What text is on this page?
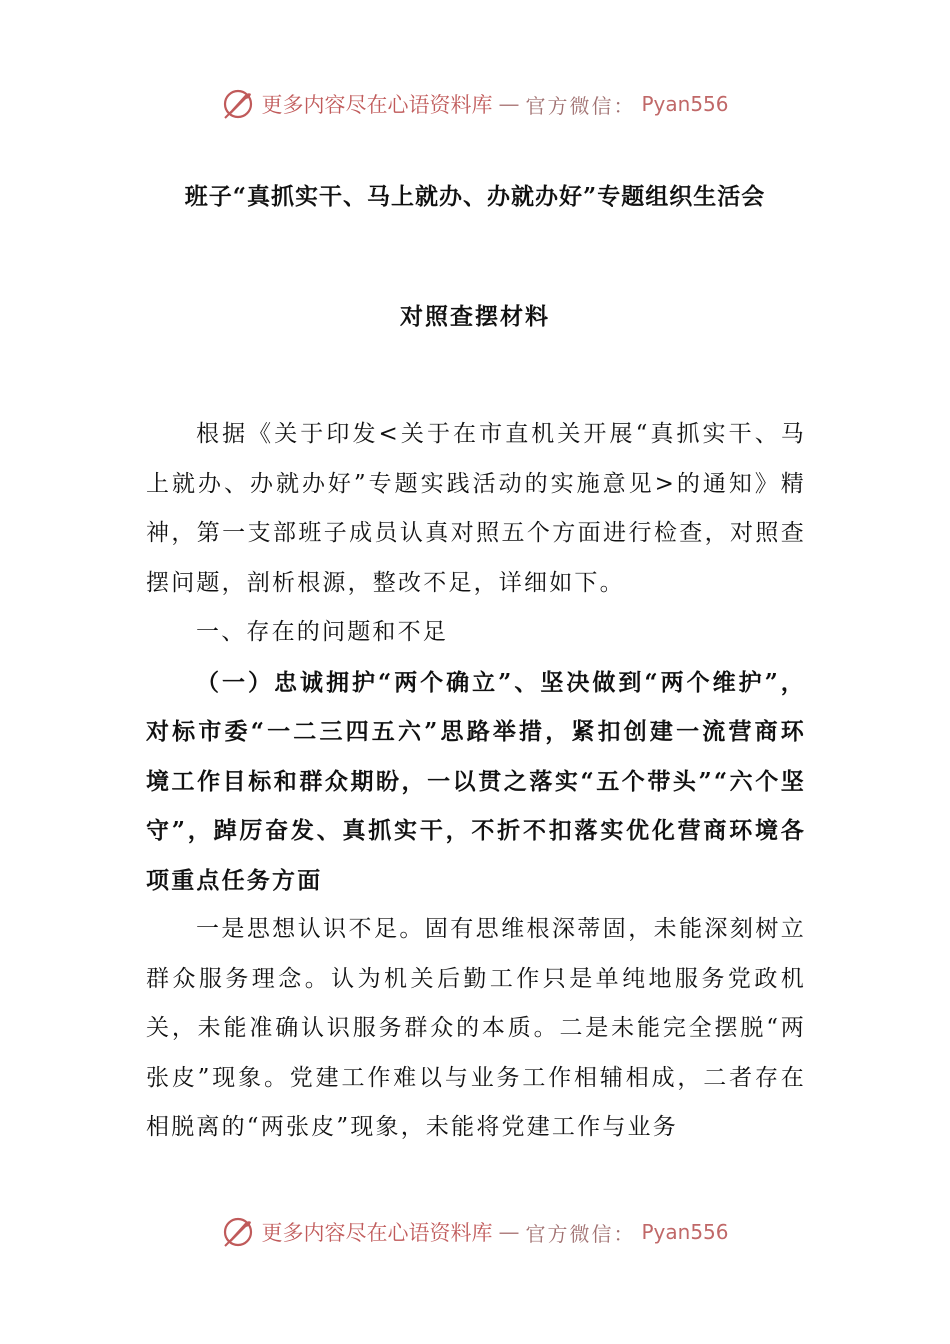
更多内容尽在心语资料库 — 官方微信： Pyan556
班子“真抓实干、马上就办、办就办好”专题组织生活会
对照查摆材料

根据《关于印发<关于在市直机关开展“真抓实干、马上就办、办就办好”专题实践活动的实施意见>的通知》精神，第一支部班子成员认真对照五个方面进行检查，对照查摆问题，剖析根源，整改不足，详细如下。

一、存在的问题和不足

（一）忠诚拥护“两个确立”、坚决做到“两个维护”，对标市委“一二三四五六”思路举措，紧扣创建一流营商环境工作目标和群众期盼，一以贯之落实“五个带头”“六个坚守”，踔厉奋发、真抓实干，不折不扣落实优化营商环境各项重点任务方面

一是思想认识不足。固有思维根深蒂固，未能深刻树立群众服务理念。认为机关后勤工作只是单纯地服务党政机关，未能准确认识服务群众的本质。二是未能完全摆脱“两张皮”现象。党建工作难以与业务工作相辅相成，二者存在相脱离的“两张皮”现象，未能将党建工作与业务

更多内容尽在心语资料库 — 官方微信： Pyan556
